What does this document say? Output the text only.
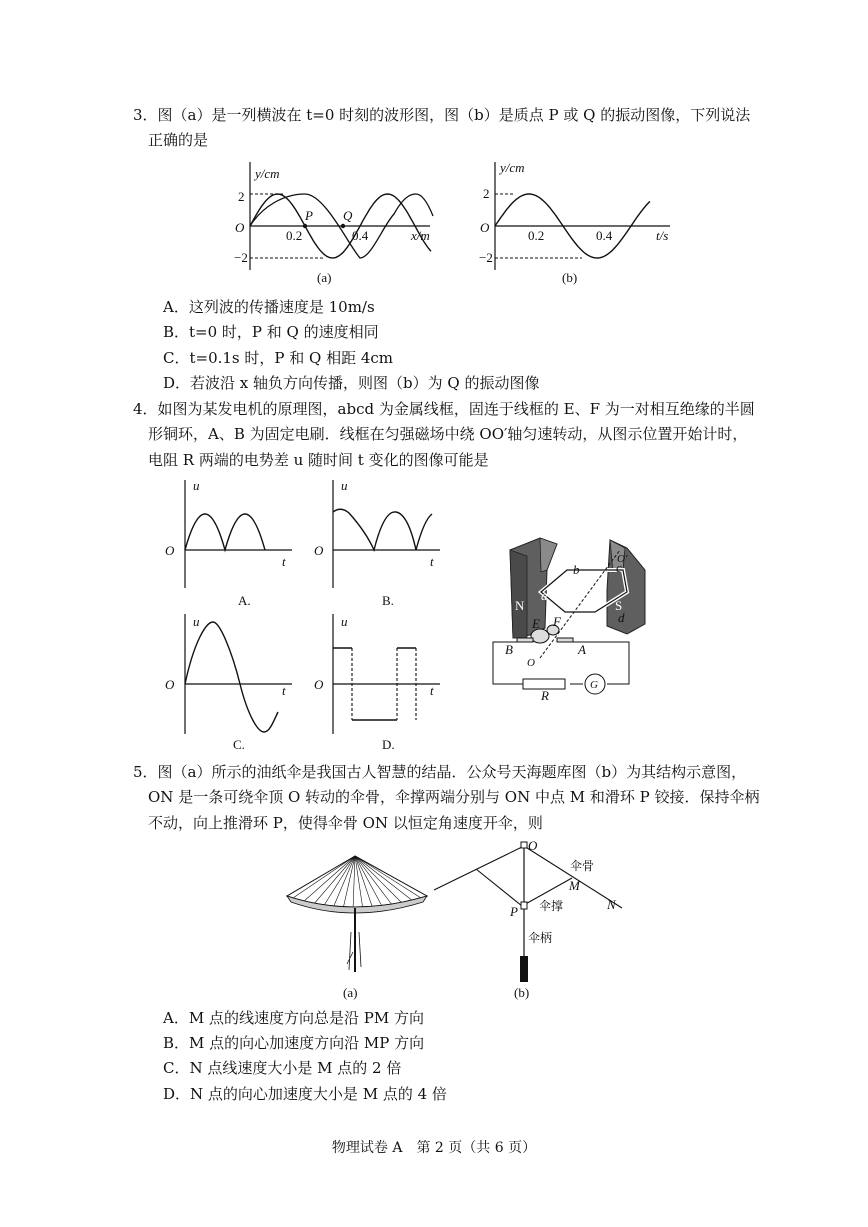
3．图（a）是一列横波在 t=0 时刻的波形图，图（b）是质点 P 或 Q 的振动图像，下列说法
正确的是
y/cm
2
−2
O
P Q
0.2	0.4	x/m
(a)
y/cm
2
−2
O
0.2	0.4	t/s
(b)
A．这列波的传播速度是 10m/s
B．t=0 时，P 和 Q 的速度相同
C．t=0.1s 时，P 和 Q 相距 4cm
D．若波沿 x 轴负方向传播，则图（b）为 Q 的振动图像
4．如图为某发电机的原理图，abcd 为金属线框，固连于线框的 E、F 为一对相互绝缘的半圆
形铜环，A、B 为固定电刷．线框在匀强磁场中绕 OO′轴匀速转动，从图示位置开始计时，
电阻 R 两端的电势差 u 随时间 t 变化的图像可能是
u
O
t
A.
u
O
t
B.
u
O	t
C.
u
O	t
D.
N	S
a
b	c
d
E F
A
B
O′
O
R
G
5．图（a）所示的油纸伞是我国古人智慧的结晶．公众号天海题库图（b）为其结构示意图，
ON 是一条可绕伞顶 O 转动的伞骨，伞撑两端分别与 ON 中点 M 和滑环 P 铰接．保持伞柄
不动，向上推滑环 P，使得伞骨 ON 以恒定角速度开伞，则
(a)
O
M
N
P
伞骨
伞撑
伞柄
(b)
A．M 点的线速度方向总是沿 PM 方向
B．M 点的向心加速度方向沿 MP 方向
C．N 点线速度大小是 M 点的 2 倍
D．N 点的向心加速度大小是 M 点的 4 倍
物理试卷 A　第 2 页（共 6 页）
